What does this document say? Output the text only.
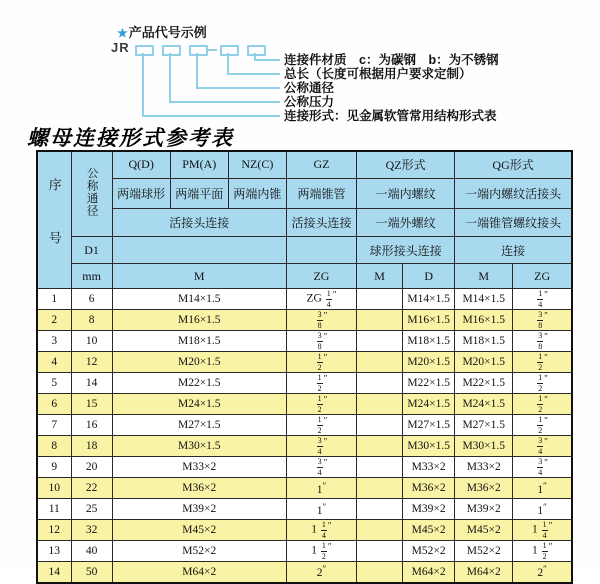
★产品代号示例
JR
连接件材质　c：为碳钢　b：为不锈钢
总长（长度可根据用户要求定制）
公称通径
公称压力
连接形式：见金属软管常用结构形式表
螺母连接形式参考表
序号	公称通径	Q(D)	PM(A)	NZ(C)	GZ	QZ形式		QG形式	
		两端球形	两端平面	两端内锥	两端锥管	一端内螺纹		一端内螺纹活接头	
		活接头连接			活接头连接	一端外螺纹		一端锥管螺纹接头	
	D1					球形接头连接		连接	
	mm	M			ZG	M	D	M	ZG
1	6	M14×1.5			ZG $\frac{1}{4} ''$		M14×1.5	M14×1.5	$\frac{1}{4} ''$
2	8	M16×1.5			$\frac{3}{8} ''$		M16×1.5	M16×1.5	$\frac{3}{8} ''$
3	10	M18×1.5			$\frac{3}{8} ''$		M18×1.5	M18×1.5	$\frac{3}{8} ''$
4	12	M20×1.5			$\frac{1}{2} ''$		M20×1.5	M20×1.5	$\frac{1}{2} ''$
5	14	M22×1.5			$\frac{1}{2} ''$		M22×1.5	M22×1.5	$\frac{1}{2} ''$
6	15	M24×1.5			$\frac{1}{2} ''$		M24×1.5	M24×1.5	$\frac{1}{2} ''$
7	16	M27×1.5			$\frac{1}{2} ''$		M27×1.5	M27×1.5	$\frac{1}{2} ''$
8	18	M30×1.5			$\frac{3}{4} ''$		M30×1.5	M30×1.5	$\frac{3}{4} ''$
9	20	M33×2			$\frac{3}{4} ''$		M33×2	M33×2	$\frac{3}{4} ''$
10	22	M36×2			1″		M36×2	M36×2	1″
11	25	M39×2			1″		M39×2	M39×2	1″
12	32	M45×2			$1 \frac{1}{4} ''$		M45×2	M45×2	$1 \frac{1}{4} ''$
13	40	M52×2			$1 \frac{1}{2} ''$		M52×2	M52×2	$1 \frac{1}{2} ''$
14	50	M64×2			2″		M64×2	M64×2	2″
